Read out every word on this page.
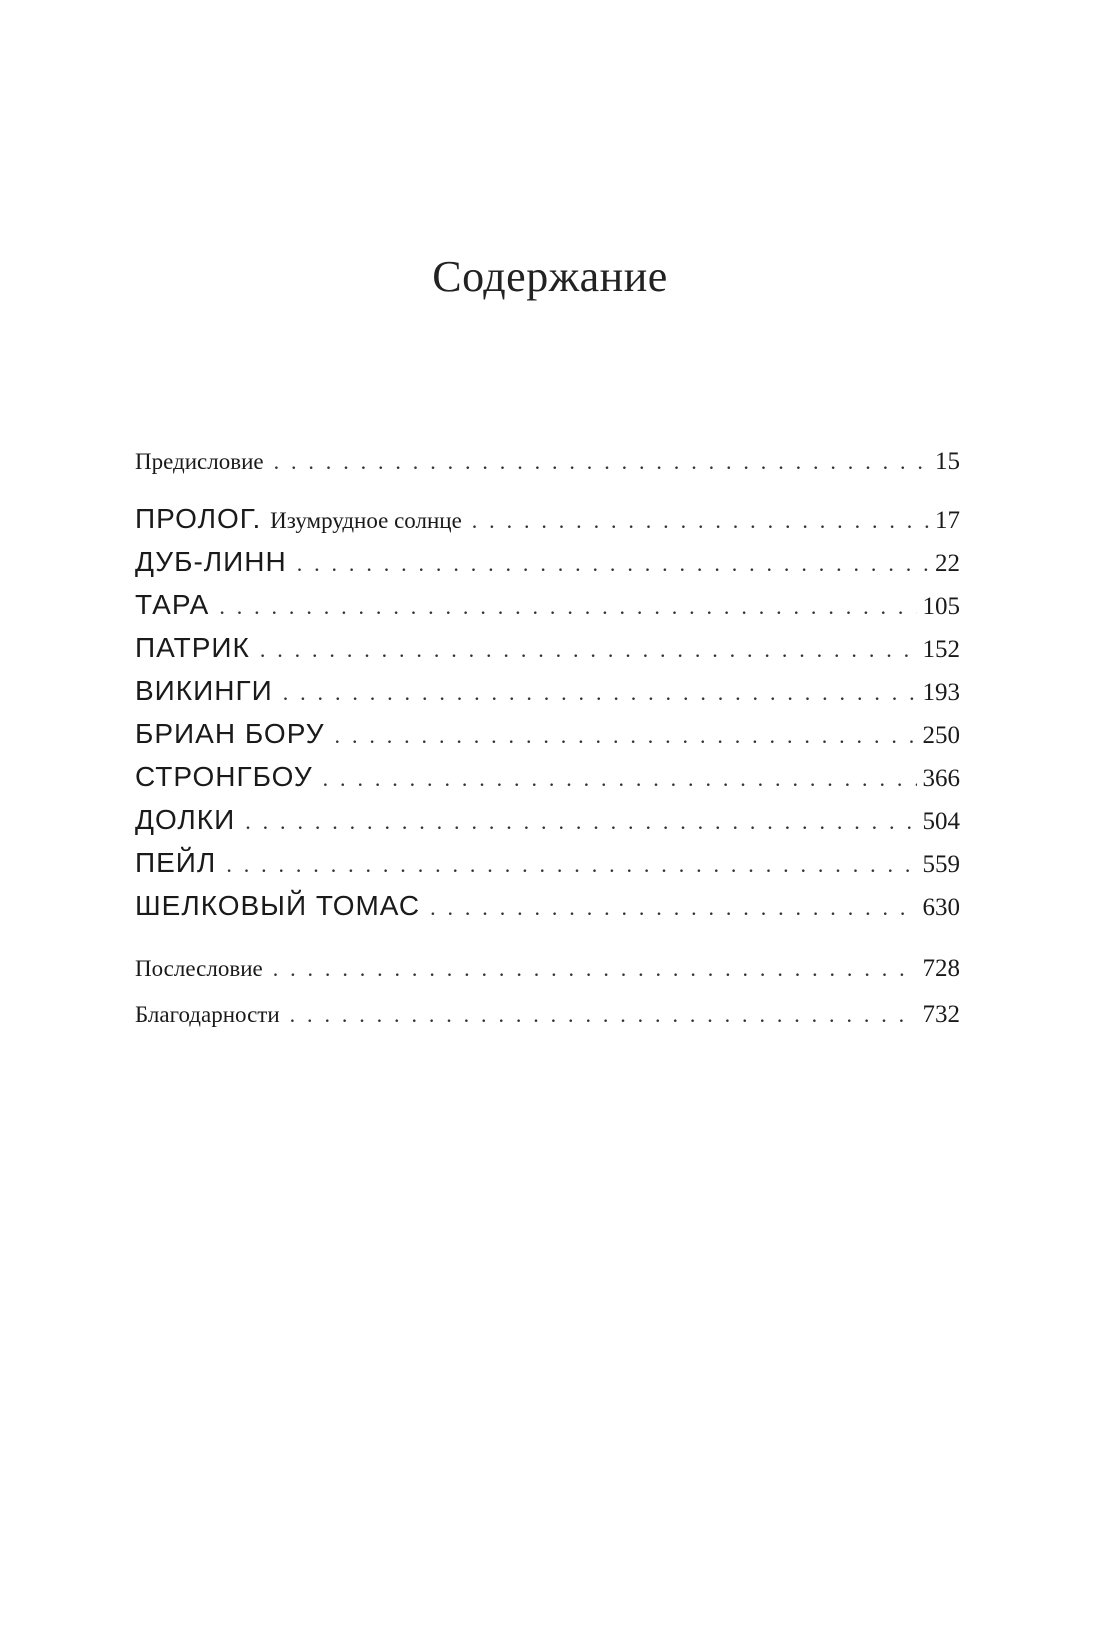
Содержание
Предисловие . . .	15
ПРОЛОГ. Изумрудное солнце . . .	17
ДУБ-ЛИНН . . .	22
ТАРА . . .	105
ПАТРИК . . .	152
ВИКИНГИ . . .	193
БРИАН БОРУ . . .	250
СТРОНГБОУ . . .	366
ДОЛКИ . . .	504
ПЕЙЛ . . .	559
ШЕЛКОВЫЙ ТОМАС . . .	630
Послесловие . . .	728
Благодарности . . .	732
